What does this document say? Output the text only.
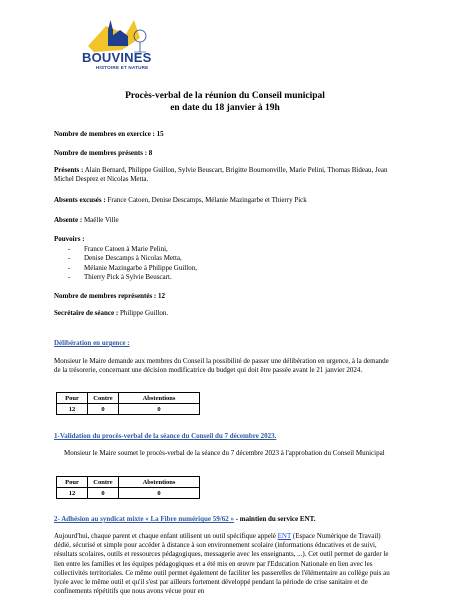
BOUVINES
HISTOIRE ET NATURE
Procès-verbal de la réunion du Conseil municipal
en date du 18 janvier à 19h
Nombre de membres en exercice : 15
Nombre de membres présents : 8
Présents : Alain Bernard, Philippe Guillon, Sylvie Beuscart, Brigitte Bournonville, Marie Pelini, Thomas Bideau, Jean Michel Desprez et Nicolas Metta.
Absents excusés : France Catoen, Denise Descamps, Mélanie Mazingarbe et Thierry Pick
Absente : Maëlle Ville
Pouvoirs :
- France Catoen à Marie Pelini,
- Denise Descamps à Nicolas Metta,
- Mélanie Mazingarbe à Philippe Guillon,
- Thierry Pick à Sylvie Beuscart.
Nombre de membres représentés : 12
Secrétaire de séance : Philippe Guillon.
Délibération en urgence :
Monsieur le Maire demande aux membres du Conseil la possibilité de passer une délibération en urgence, à la demande de la trésorerie, concernant une décision modificatrice du budget qui doit être passée avant le 21 janvier 2024.
Pour	Contre	Abstentions
12	0	0
1-Validation du procès-verbal de la séance du Conseil du 7 décembre 2023.
Monsieur le Maire soumet le procès-verbal de la séance du 7 décembre 2023 à l'approbation du Conseil Municipal
Pour	Contre	Abstentions
12	0	0
2- Adhésion au syndicat mixte « La Fibre numérique 59/62 » - maintien du service ENT.
Aujourd'hui, chaque parent et chaque enfant utilisent un outil spécifique appelé ENT (Espace Numérique de Travail) dédié, sécurisé et simple pour accéder à distance à son environnement scolaire (informations éducatives et de suivi, résultats scolaires, outils et ressources pédagogiques, messagerie avec les enseignants, ...). Cet outil permet de garder le lien entre les familles et les équipes pédagogiques et a été mis en œuvre par l'Education Nationale en lien avec les collectivités territoriales. Ce même outil permet également de faciliter les passerelles de l'élémentaire au collège puis au lycée avec le même outil et qu'il s'est par ailleurs fortement développé pendant la période de crise sanitaire et de confinements répétitifs que nous avons vécue pour en
